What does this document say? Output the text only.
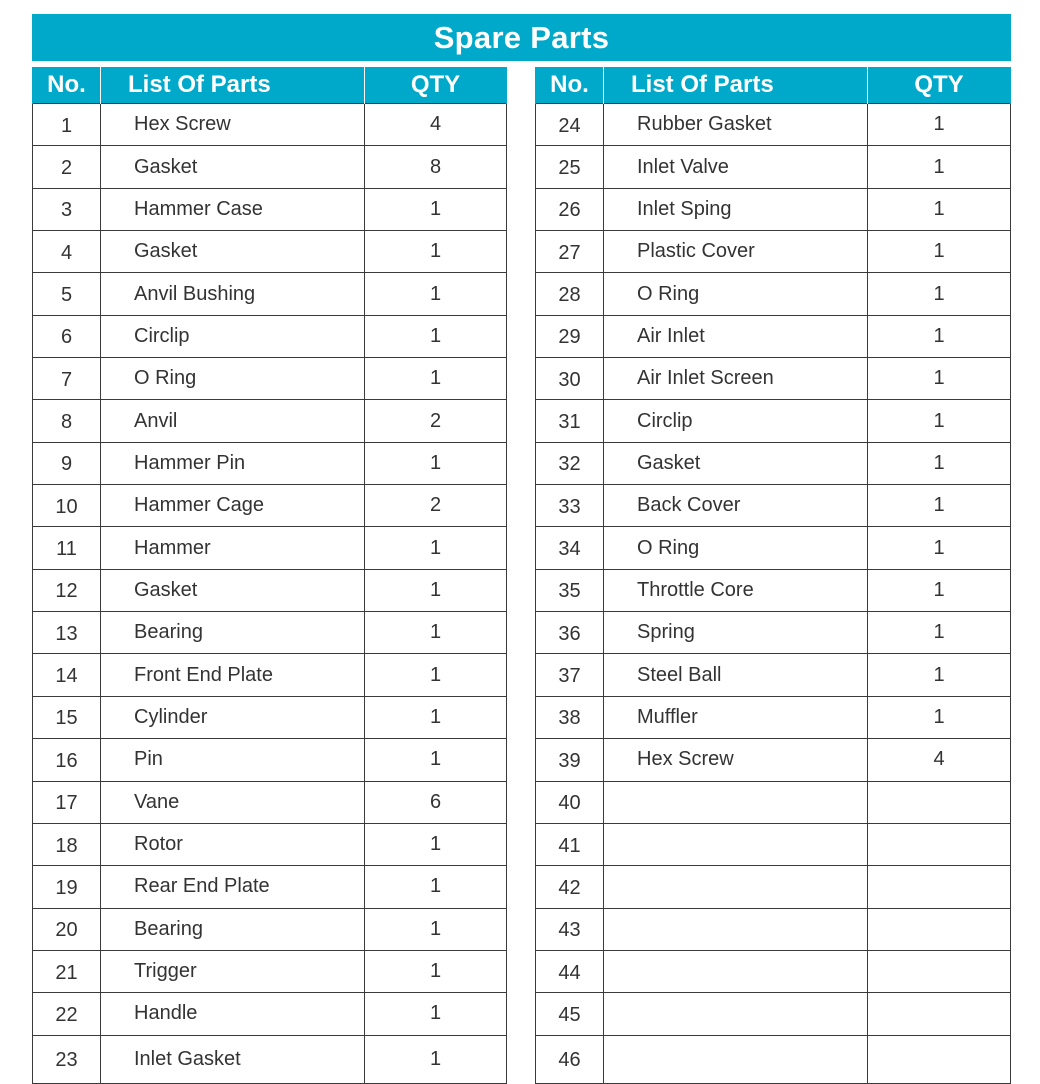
Spare Parts
No.	List Of Parts	QTY
1	Hex Screw	4
2	Gasket	8
3	Hammer Case	1
4	Gasket	1
5	Anvil Bushing	1
6	Circlip	1
7	O Ring	1
8	Anvil	2
9	Hammer Pin	1
10	Hammer Cage	2
11	Hammer	1
12	Gasket	1
13	Bearing	1
14	Front End Plate	1
15	Cylinder	1
16	Pin	1
17	Vane	6
18	Rotor	1
19	Rear End Plate	1
20	Bearing	1
21	Trigger	1
22	Handle	1
23	Inlet Gasket	1
No.	List Of Parts	QTY
24	Rubber Gasket	1
25	Inlet Valve	1
26	Inlet Sping	1
27	Plastic Cover	1
28	O Ring	1
29	Air Inlet	1
30	Air Inlet Screen	1
31	Circlip	1
32	Gasket	1
33	Back Cover	1
34	O Ring	1
35	Throttle Core	1
36	Spring	1
37	Steel Ball	1
38	Muffler	1
39	Hex Screw	4
40		
41		
42		
43		
44		
45		
46		
